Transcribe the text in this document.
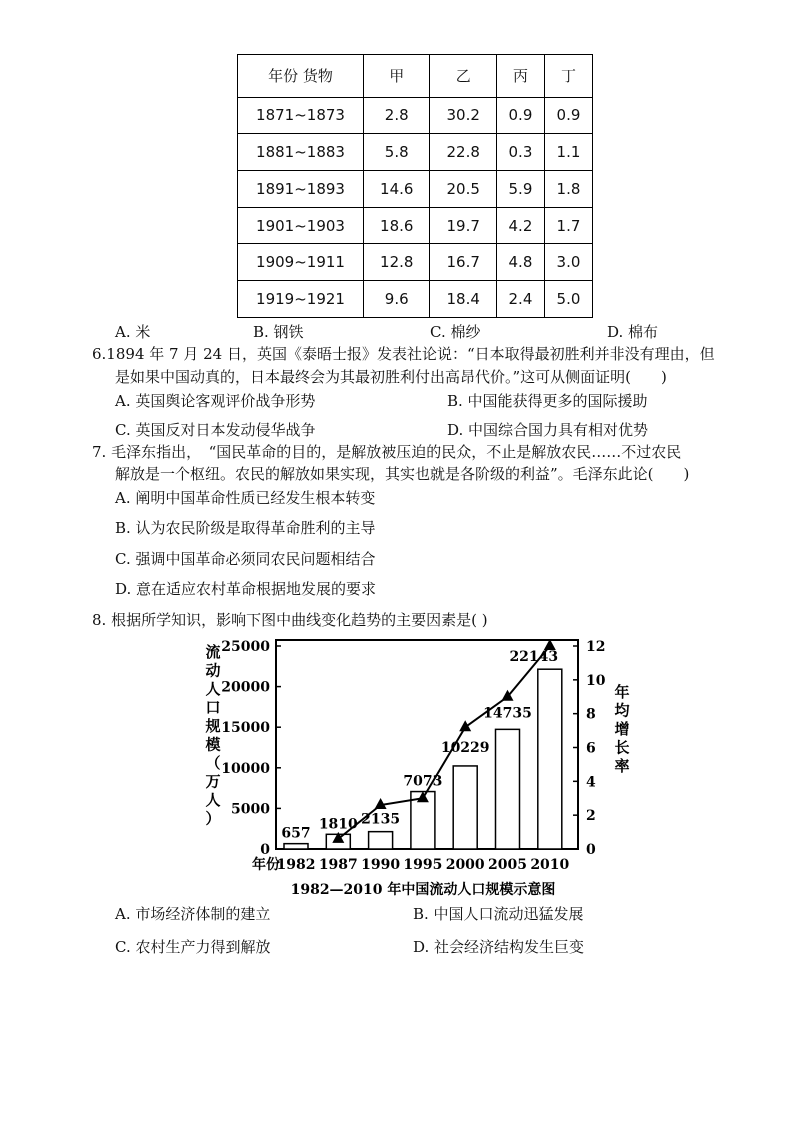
年份 货物	甲	乙	丙	丁
1871~1873	2.8	30.2	0.9	0.9
1881~1883	5.8	22.8	0.3	1.1
1891~1893	14.6	20.5	5.9	1.8
1901~1903	18.6	19.7	4.2	1.7
1909~1911	12.8	16.7	4.8	3.0
1919~1921	9.6	18.4	2.4	5.0
A. 米	B. 钢铁	C. 棉纱	D. 棉布
6.1894 年 7 月 24 日，英国《泰晤士报》发表社论说：“日本取得最初胜利并非没有理由，但
是如果中国动真的，日本最终会为其最初胜利付出高昂代价。”这可从侧面证明(　　)
A. 英国舆论客观评价战争形势	B. 中国能获得更多的国际援助
C. 英国反对日本发动侵华战争	D. 中国综合国力具有相对优势
7. 毛泽东指出，　“国民革命的目的，是解放被压迫的民众，不止是解放农民……不过农民
解放是一个枢纽。农民的解放如果实现，其实也就是各阶级的利益”。毛泽东此论(　　)
A. 阐明中国革命性质已经发生根本转变
B. 认为农民阶级是取得革命胜利的主导
C. 强调中国革命必须同农民问题相结合
D. 意在适应农村革命根据地发展的要求
8. 根据所学知识，影响下图中曲线变化趋势的主要因素是( )
0
5000
10000
15000
20000
25000
0
2
4
6
8
10
12
657
1810 2135
7073
10229
14735
22143
1982 1987 1990 1995 2000 2005 2010
年份
流
动
人
口
规
模
（
万
人
）
年
均
增
长
率
1982—2010 年中国流动人口规模示意图
A. 市场经济体制的建立	B. 中国人口流动迅猛发展
C. 农村生产力得到解放	D. 社会经济结构发生巨变
